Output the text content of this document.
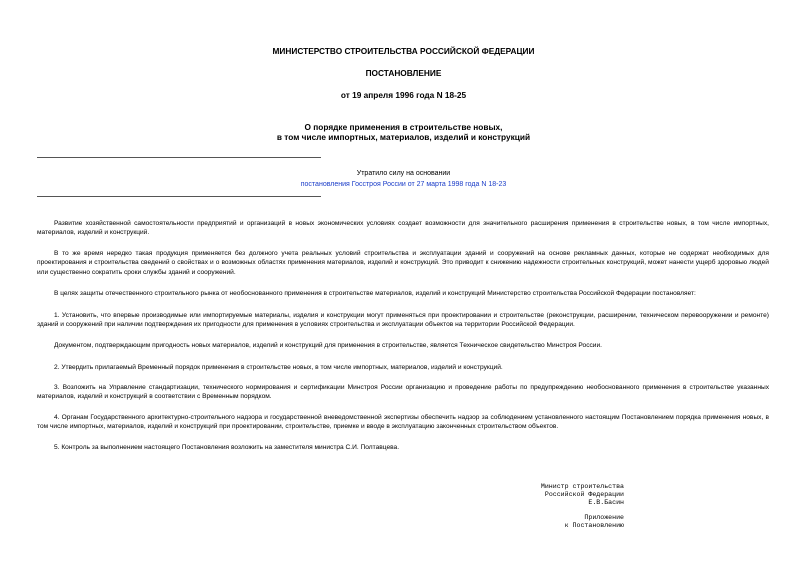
МИНИСТЕРСТВО СТРОИТЕЛЬСТВА РОССИЙСКОЙ ФЕДЕРАЦИИ
ПОСТАНОВЛЕНИЕ
от 19 апреля 1996 года N 18-25
О порядке применения в строительстве новых,
в том числе импортных, материалов, изделий и конструкций
Утратило силу на основании
постановления Госстроя России от 27 марта 1998 года N 18-23
Развитие хозяйственной самостоятельности предприятий и организаций в новых экономических условиях создает возможности для значительного расширения применения в строительстве новых, в том числе импортных, материалов, изделий и конструкций.
В то же время нередко такая продукция применяется без должного учета реальных условий строительства и эксплуатации зданий и сооружений на основе рекламных данных, которые не содержат необходимых для проектирования и строительства сведений о свойствах и о возможных областях применения материалов, изделий и конструкций. Это приводит к снижению надежности строительных конструкций, может нанести ущерб здоровью людей или существенно сократить сроки службы зданий и сооружений.
В целях защиты отечественного строительного рынка от необоснованного применения в строительстве материалов, изделий и конструкций Министерство строительства Российской Федерации постановляет:
1. Установить, что впервые производимые или импортируемые материалы, изделия и конструкции могут применяться при проектировании и строительстве (реконструкции, расширении, техническом перевооружении и ремонте) зданий и сооружений при наличии подтверждения их пригодности для применения в условиях строительства и эксплуатации объектов на территории Российской Федерации.
Документом, подтверждающим пригодность новых материалов, изделий и конструкций для применения в строительстве, является Техническое свидетельство Минстроя России.
2. Утвердить прилагаемый Временный порядок применения в строительстве новых, в том числе импортных, материалов, изделий и конструкций.
3. Возложить на Управление стандартизации, технического нормирования и сертификации Минстроя России организацию и проведение работы по предупреждению необоснованного применения в строительстве указанных материалов, изделий и конструкций в соответствии с Временным порядком.
4. Органам Государственного архитектурно-строительного надзора и государственной вневедомственной экспертизы обеспечить надзор за соблюдением установленного настоящим Постановлением порядка применения новых, в том числе импортных, материалов, изделий и конструкций при проектировании, строительстве, приемке и вводе в эксплуатацию законченных строительством объектов.
5. Контроль за выполнением настоящего Постановления возложить на заместителя министра С.И. Полтавцева.
Министр строительства
Российской Федерации
Е.В.Басин
Приложение
к Постановлению
